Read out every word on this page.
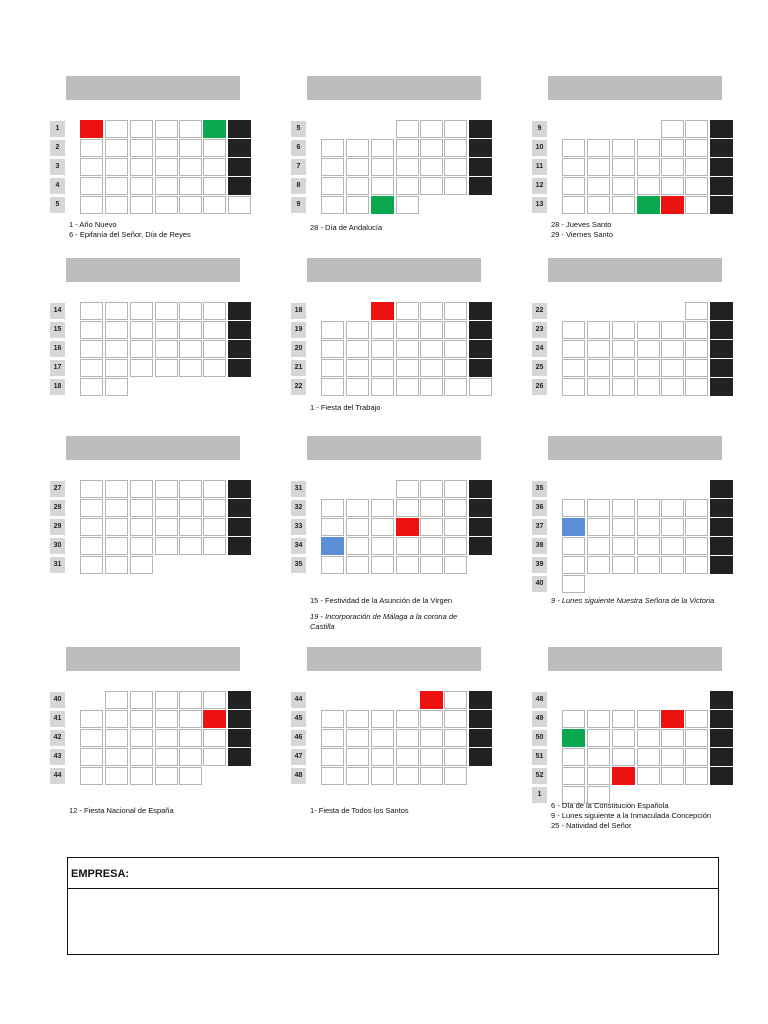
1
2
3
4
5

1 - Año Nuevo

6 - Epifanía del Señor, Día de Reyes

5
6
7
8
9

28 - Día de Andalucía

9
10
11
12
13

28 - Jueves Santo

29 - Viernes Santo

14
15
16
17
18
18
19
20
21
22

1 - Fiesta del Trabajo

22
23
24
25
26
27
28
29
30
31
31
32
33
34
35

15 - Festividad de la Asunción de la Virgen

19 - Incorporación de Málaga a la corona de Castilla

35
36
37
38
39
40

9 - Lunes siguiente Nuestra Señora de la Victoria

40
41
42
43
44

12 - Fiesta Nacional de España

44
45
46
47
48

1- Fiesta de Todos los Santos

48
49
50
51
52
1

6 - Día de la Constitución Española

9 - Lunes siguiente a la Inmaculada Concepción

25 - Natividad del Señor

EMPRESA:
